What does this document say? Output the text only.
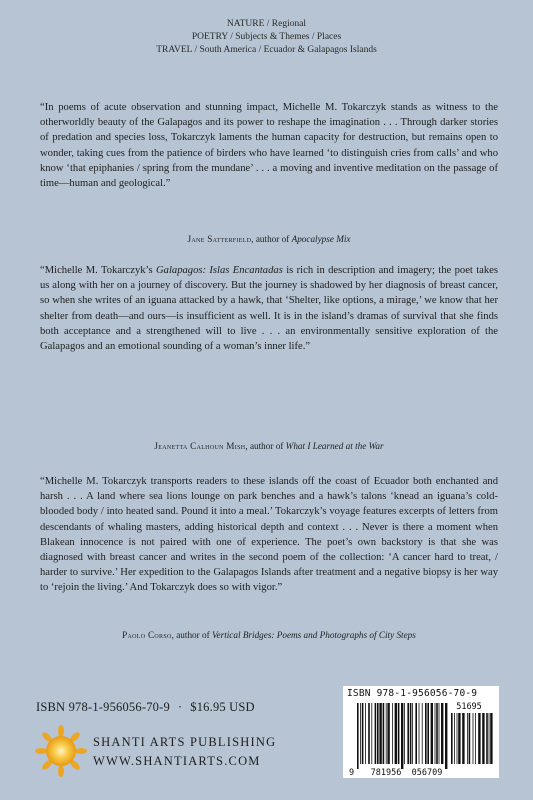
NATURE / Regional
POETRY / Subjects & Themes / Places
TRAVEL / South America / Ecuador & Galapagos Islands

“In poems of acute observation and stunning impact, Michelle M. Tokarczyk stands as witness to the otherworldly beauty of the Galapagos and its power to reshape the imagination . . . Through darker stories of predation and species loss, Tokarczyk laments the human capacity for destruction, but remains open to wonder, taking cues from the patience of birders who have learned ‘to distinguish cries from calls’ and who know ‘that epiphanies / spring from the mundane’ . . . a moving and inventive meditation on the passage of time—human and geological.”

Jane Satterfield, author of Apocalypse Mix

“Michelle M. Tokarczyk’s Galapagos: Islas Encantadas is rich in description and imagery; the poet takes us along with her on a journey of discovery. But the journey is shadowed by her diagnosis of breast cancer, so when she writes of an iguana attacked by a hawk, that ‘Shelter, like options, a mirage,’ we know that her shelter from death—and ours—is insufficient as well. It is in the island’s dramas of survival that she finds both acceptance and a strengthened will to live . . . an environmentally sensitive exploration of the Galapagos and an emotional sounding of a woman’s inner life.”

Jeanetta Calhoun Mish, author of What I Learned at the War

“Michelle M. Tokarczyk transports readers to these islands off the coast of Ecuador both enchanted and harsh . . . A land where sea lions lounge on park benches and a hawk’s talons ‘knead an iguana’s cold-blooded body / into heated sand. Pound it into a meal.’ Tokarczyk’s voyage features excerpts of letters from descendants of whaling masters, adding historical depth and context . . . Never is there a moment when Blakean innocence is not paired with one of experience. The poet’s own backstory is that she was diagnosed with breast cancer and writes in the second poem of the collection: ‘A cancer hard to treat, / harder to survive.’ Her expedition to the Galapagos Islands after treatment and a negative biopsy is her way to ‘rejoin the living.’ And Tokarczyk does so with vigor.”

Paolo Corso, author of Vertical Bridges: Poems and Photographs of City Steps
ISBN 978-1-956056-70-9 · $16.95 USD
SHANTI ARTS PUBLISHING
WWW.SHANTIARTS.COM
ISBN 978-1-956056-70-9
51695
9 781956 056709
